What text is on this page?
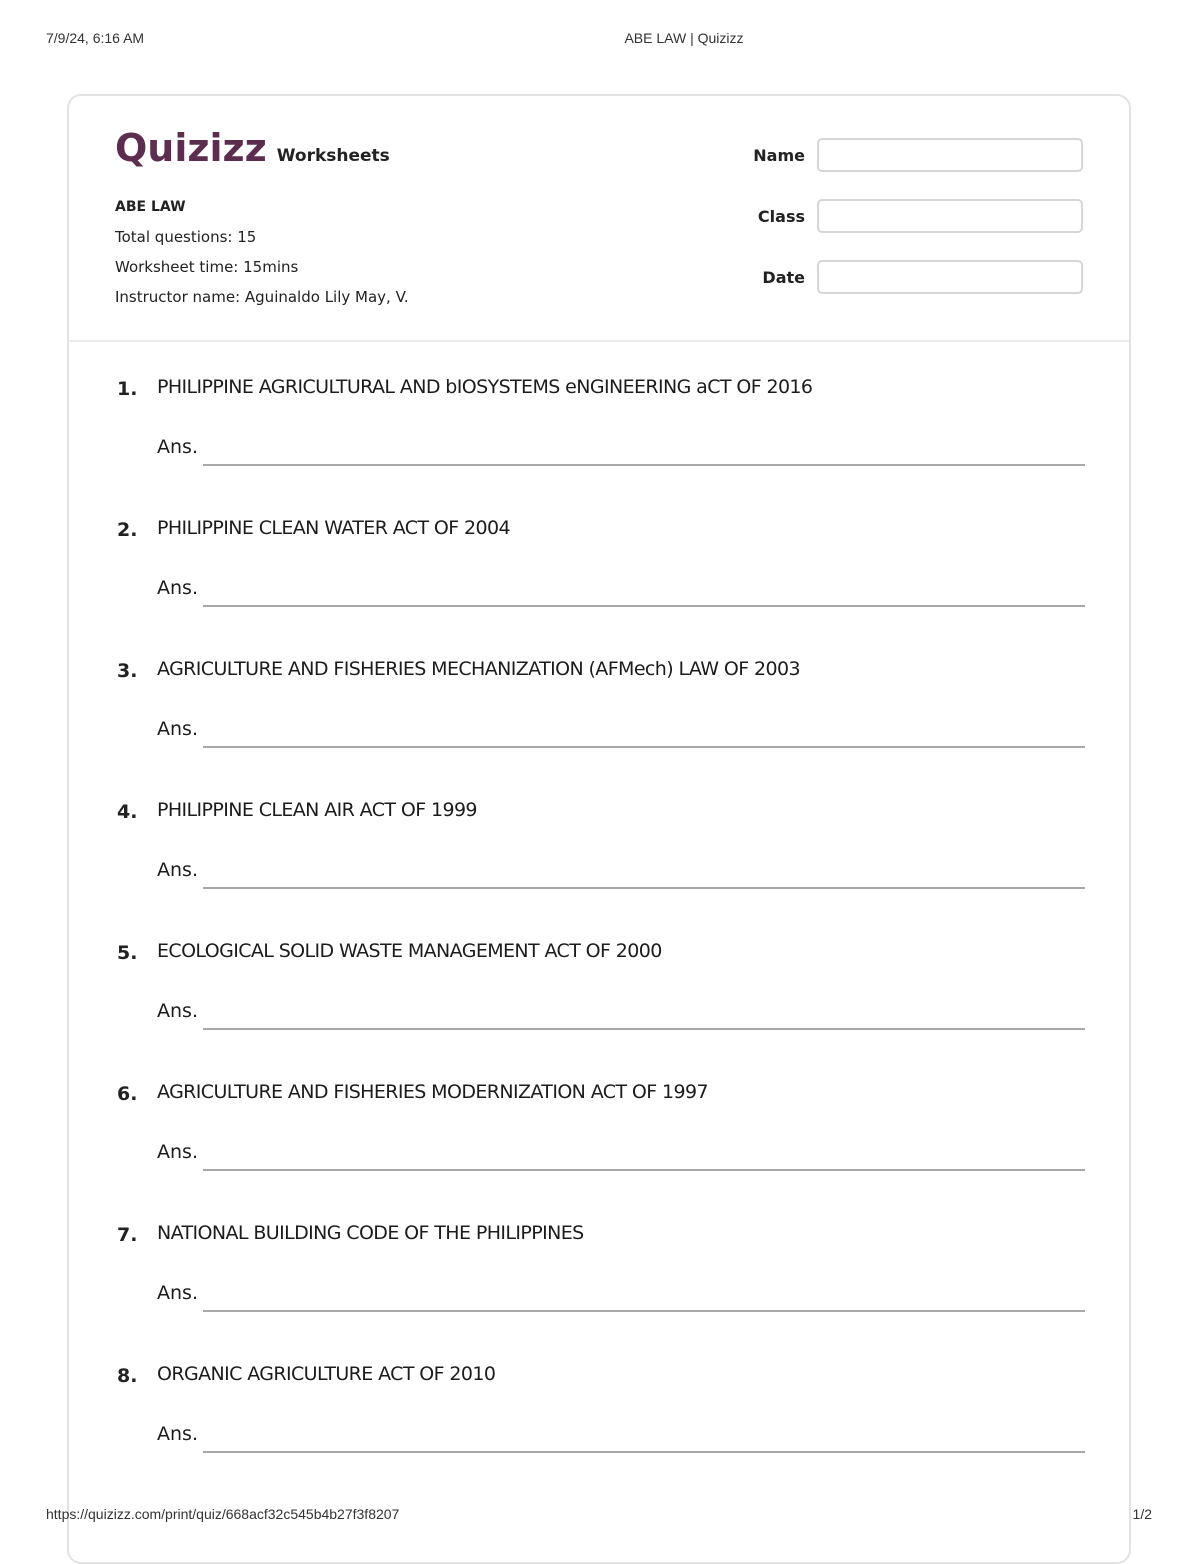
7/9/24, 6:16 AM	ABE LAW | Quizizz
Quizizz Worksheets
ABE LAW
Total questions: 15
Worksheet time: 15mins
Instructor name: Aguinaldo Lily May, V.
Name
Class
Date
1. PHILIPPINE AGRICULTURAL AND bIOSYSTEMS eNGINEERING aCT OF 2016
Ans.
2. PHILIPPINE CLEAN WATER ACT OF 2004
Ans.
3. AGRICULTURE AND FISHERIES MECHANIZATION (AFMech) LAW OF 2003
Ans.
4. PHILIPPINE CLEAN AIR ACT OF 1999
Ans.
5. ECOLOGICAL SOLID WASTE MANAGEMENT ACT OF 2000
Ans.
6. AGRICULTURE AND FISHERIES MODERNIZATION ACT OF 1997
Ans.
7. NATIONAL BUILDING CODE OF THE PHILIPPINES
Ans.
8. ORGANIC AGRICULTURE ACT OF 2010
Ans.
https://quizizz.com/print/quiz/668acf32c545b4b27f3f8207	1/2
